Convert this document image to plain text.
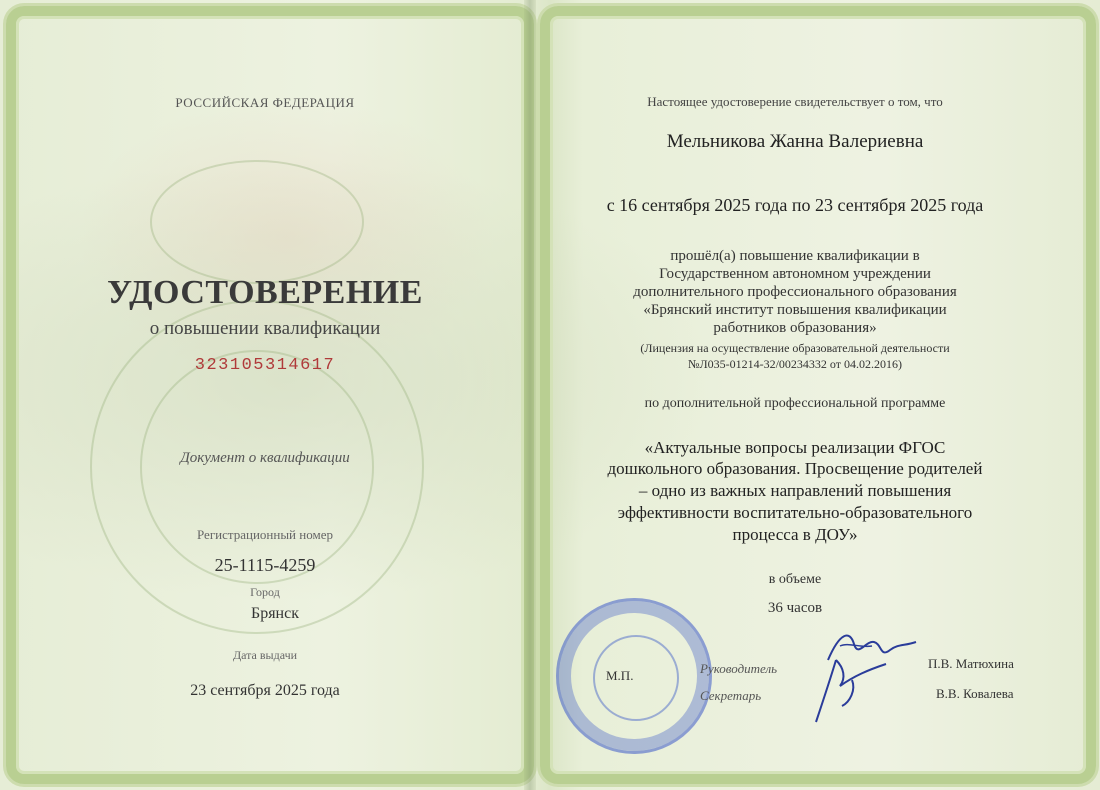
РОССИЙСКАЯ ФЕДЕРАЦИЯ
УДОСТОВЕРЕНИЕ
о повышении квалификации
323105314617
Документ о квалификации
Регистрационный номер
25-1115-4259
Город
Брянск
Дата выдачи
23 сентября 2025 года
Настоящее удостоверение свидетельствует о том, что
Мельникова Жанна Валериевна
с 16 сентября 2025 года по 23 сентября 2025 года
прошёл(а) повышение квалификации в
Государственном автономном учреждении
дополнительного профессионального образования
«Брянский институт повышения квалификации
работников образования»
(Лицензия на осуществление образовательной деятельности
№Л035-01214-32/00234332 от 04.02.2016)
по дополнительной профессиональной программе
«Актуальные вопросы реализации ФГОС
дошкольного образования. Просвещение родителей
– одно из важных направлений повышения
эффективности воспитательно-образовательного
процесса в ДОУ»
в объеме
36 часов
М.П.	Руководитель
Секретарь
П.В. Матюхина
В.В. Ковалева
